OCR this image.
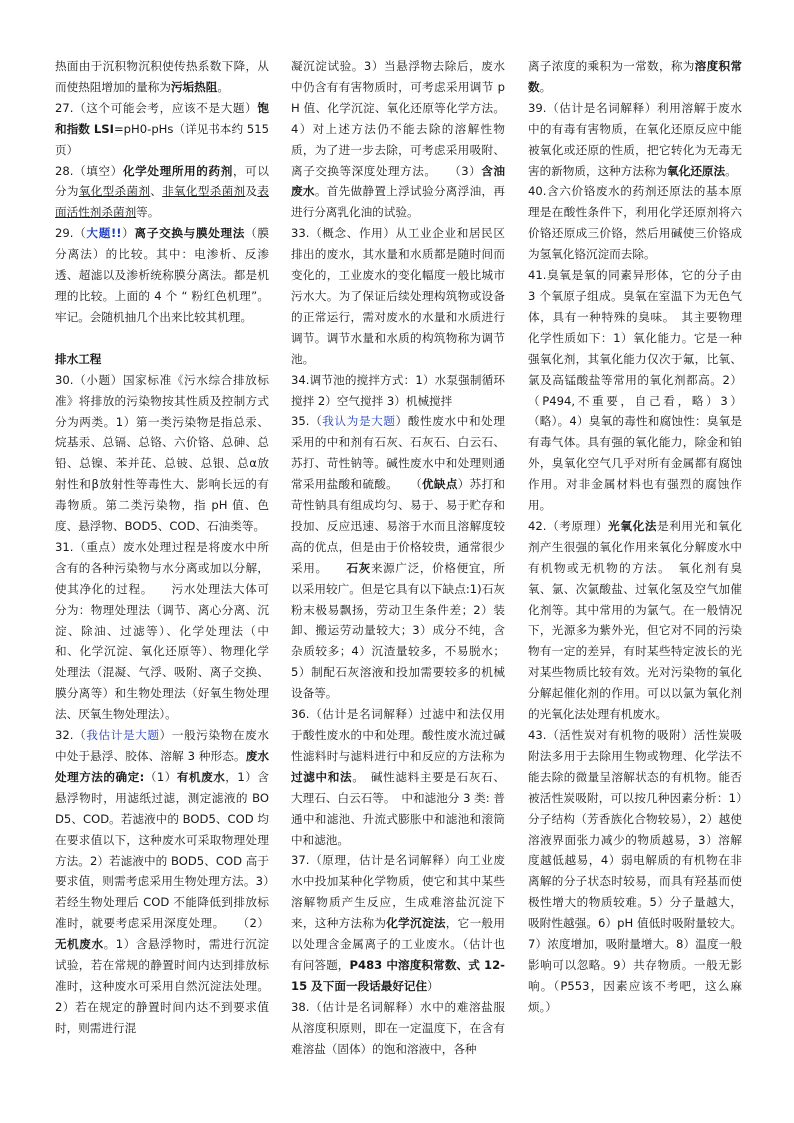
热面由于沉积物沉积使传热系数下降，从而使热阻增加的量称为污垢热阻。

27.（这个可能会考，应该不是大题）饱和指数 LSI=pH0-pHs（详见书本约 515 页）

28.（填空）化学处理所用的药剂，可以分为氧化型杀菌剂、非氧化型杀菌剂及表面活性剂杀菌剂等。

29.（大题!!）离子交换与膜处理法（膜分离法）的比较。其中：电渗析、反渗透、超滤以及渗析统称膜分离法。都是机理的比较。上面的 4 个 “ 粉红色机理”。牢记。会随机抽几个出来比较其机理。

排水工程

30.（小题）国家标准《污水综合排放标准》将排放的污染物按其性质及控制方式分为两类。1）第一类污染物是指总汞、烷基汞、总镉、总铬、六价铬、总砷、总铅、总镍、苯并芘、总铍、总银、总α放射性和β放射性等毒性大、影响长远的有毒物质。第二类污染物，指 pH 值、色度、悬浮物、BOD5、COD、石油类等。

31.（重点）废水处理过程是将废水中所含有的各种污染物与水分离或加以分解，使其净化的过程。　　污水处理法大体可分为：物理处理法（调节、离心分离、沉淀、除油、过滤等）、化学处理法（中和、化学沉淀、氧化还原等）、物理化学处理法（混凝、气浮、吸附、离子交换、膜分离等）和生物处理法（好氧生物处理法、厌氧生物处理法）。

32.（我估计是大题）一般污染物在废水中处于悬浮、胶体、溶解 3 种形态。废水处理方法的确定:（1）有机废水，1）含悬浮物时，用滤纸过滤，测定滤液的 BOD5、COD。若滤液中的 BOD5、COD 均在要求值以下，这种废水可采取物理处理方法。2）若滤液中的 BOD5、COD 高于要求值，则需考虑采用生物处理方法。3）若经生物处理后 COD 不能降低到排放标准时，就要考虑采用深度处理。　　（2）无机废水。1）含悬浮物时，需进行沉淀试验，若在常规的静置时间内达到排放标准时，这种废水可采用自然沉淀法处理。2）若在规定的静置时间内达不到要求值时，则需进行混

凝沉淀试验。3）当悬浮物去除后，废水中仍含有有害物质时，可考虑采用调节 pH 值、化学沉淀、氧化还原等化学方法。4）对上述方法仍不能去除的溶解性物质，为了进一步去除，可考虑采用吸附、离子交换等深度处理方法。　　（3）含油废水。首先做静置上浮试验分离浮油，再进行分离乳化油的试验。

33.（概念、作用）从工业企业和居民区排出的废水，其水量和水质都是随时间而变化的，工业废水的变化幅度一般比城市污水大。为了保证后续处理构筑物或设备的正常运行，需对废水的水量和水质进行调节。调节水量和水质的构筑物称为调节池。

34.调节池的搅拌方式：1）水泵强制循环搅拌 2）空气搅拌 3）机械搅拌

35.（我认为是大题）酸性废水中和处理采用的中和剂有石灰、石灰石、白云石、苏打、苛性钠等。碱性废水中和处理则通常采用盐酸和硫酸。　　（优缺点）苏打和苛性钠具有组成均匀、易于、易于贮存和投加、反应迅速、易溶于水而且溶解度较高的优点，但是由于价格较贵，通常很少采用。　　石灰来源广泛，价格便宜，所以采用较广。但是它具有以下缺点:1)石灰粉末极易飘扬，劳动卫生条件差；2）装卸、搬运劳动量较大；3）成分不纯，含杂质较多；4）沉渣量较多，不易脱水；5）制配石灰溶液和投加需要较多的机械设备等。

36.（估计是名词解释）过滤中和法仅用于酸性废水的中和处理。酸性废水流过碱性滤料时与滤料进行中和反应的方法称为过滤中和法。　碱性滤料主要是石灰石、大理石、白云石等。　中和滤池分 3 类: 普通中和滤池、升流式膨胀中和滤池和滚筒中和滤池。

37.（原理，估计是名词解释）向工业废水中投加某种化学物质，使它和其中某些溶解物质产生反应，生成难溶盐沉淀下来，这种方法称为化学沉淀法，它一般用以处理含金属离子的工业废水。（估计也有问答题，P483 中溶度积常数、式 12-15 及下面一段话最好记住）

38.（估计是名词解释）水中的难溶盐服从溶度积原则，即在一定温度下，在含有难溶盐（固体）的饱和溶液中，各种

离子浓度的乘积为一常数，称为溶度积常数。

39.（估计是名词解释）利用溶解于废水中的有毒有害物质，在氧化还原反应中能被氧化或还原的性质，把它转化为无毒无害的新物质，这种方法称为氧化还原法。

40.含六价铬废水的药剂还原法的基本原理是在酸性条件下，利用化学还原剂将六价铬还原成三价铬，然后用碱使三价铬成为氢氧化铬沉淀而去除。

41.臭氧是氧的同素异形体，它的分子由 3 个氧原子组成。臭氧在室温下为无色气体，具有一种特殊的臭味。　其主要物理化学性质如下：1）氧化能力。它是一种强氧化剂，其氧化能力仅次于氟，比氧、氯及高锰酸盐等常用的氧化剂都高。2）（P494,不重要，自己看，略）3）（略）。4）臭氧的毒性和腐蚀性：臭氧是有毒气体。具有强的氧化能力，除金和铂外，臭氧化空气几乎对所有金属都有腐蚀作用。对非金属材料也有强烈的腐蚀作用。

42.（考原理）光氧化法是利用光和氧化剂产生很强的氧化作用来氧化分解废水中有机物或无机物的方法。　氧化剂有臭氧、氯、次氯酸盐、过氧化氢及空气加催化剂等。其中常用的为氯气。在一般情况下，光源多为紫外光，但它对不同的污染物有一定的差异，有时某些特定波长的光对某些物质比较有效。光对污染物的氧化分解起催化剂的作用。可以以氯为氧化剂的光氧化法处理有机废水。

43.（活性炭对有机物的吸附）活性炭吸附法多用于去除用生物或物理、化学法不能去除的微量呈溶解状态的有机物。能否被活性炭吸附，可以按几种因素分析：1）分子结构（芳香族化合物较易），2）越使溶液界面张力减少的物质越易，3）溶解度越低越易，4）弱电解质的有机物在非离解的分子状态时较易，而具有羟基而使极性增大的物质较难。5）分子量越大，吸附性越强。6）pH 值低时吸附量较大。7）浓度增加，吸附量增大。8）温度一般影响可以忽略。9）共存物质。一般无影响。（P553，因素应该不考吧，这么麻烦。）
